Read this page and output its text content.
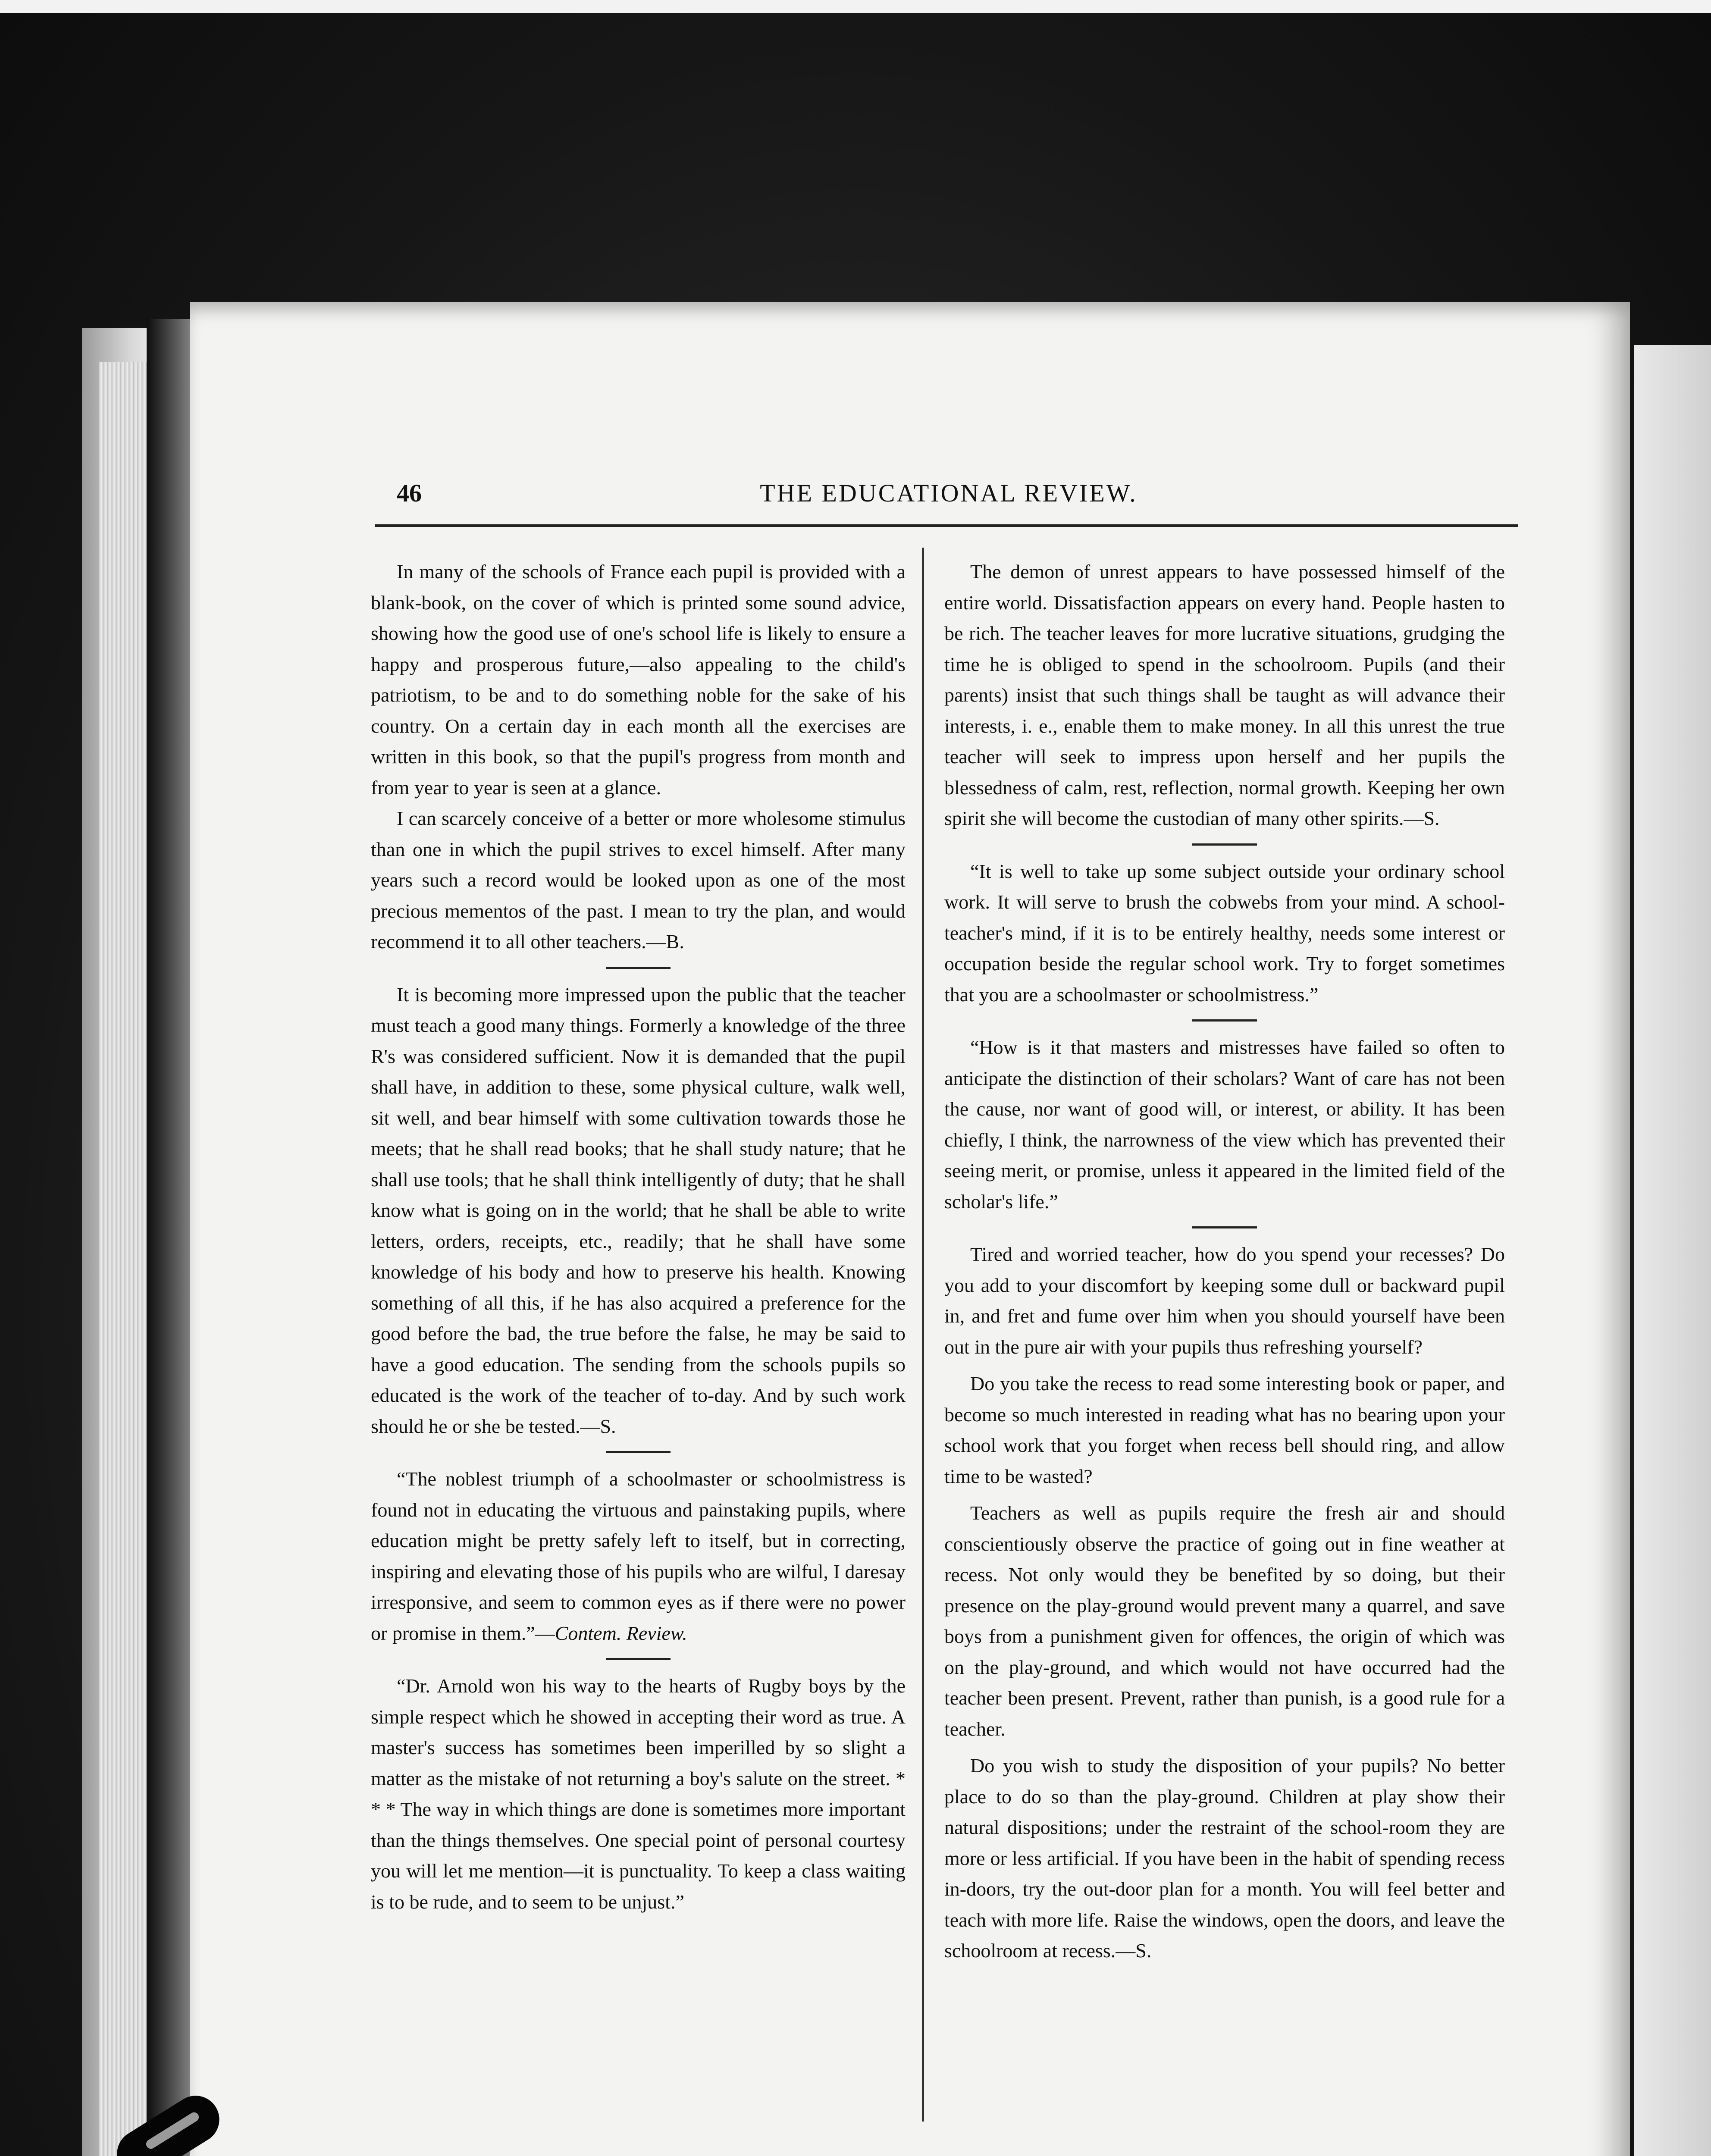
46	THE EDUCATIONAL REVIEW.

In many of the schools of France each pupil is provided with a blank-book, on the cover of which is printed some sound advice, showing how the good use of one's school life is likely to ensure a happy and prosperous future,—also appealing to the child's patriotism, to be and to do something noble for the sake of his country. On a certain day in each month all the exercises are written in this book, so that the pupil's progress from month and from year to year is seen at a glance.

I can scarcely conceive of a better or more wholesome stimulus than one in which the pupil strives to excel himself. After many years such a record would be looked upon as one of the most precious mementos of the past. I mean to try the plan, and would recommend it to all other teachers.—B.

It is becoming more impressed upon the public that the teacher must teach a good many things. Formerly a knowledge of the three R's was considered sufficient. Now it is demanded that the pupil shall have, in addition to these, some physical culture, walk well, sit well, and bear himself with some cultivation towards those he meets; that he shall read books; that he shall study nature; that he shall use tools; that he shall think intelligently of duty; that he shall know what is going on in the world; that he shall be able to write letters, orders, receipts, etc., readily; that he shall have some knowledge of his body and how to preserve his health. Knowing something of all this, if he has also acquired a preference for the good before the bad, the true before the false, he may be said to have a good education. The sending from the schools pupils so educated is the work of the teacher of to-day. And by such work should he or she be tested.—S.

“The noblest triumph of a schoolmaster or schoolmistress is found not in educating the virtuous and painstaking pupils, where education might be pretty safely left to itself, but in correcting, inspiring and elevating those of his pupils who are wilful, I daresay irresponsive, and seem to common eyes as if there were no power or promise in them.”—Contem. Review.

“Dr. Arnold won his way to the hearts of Rugby boys by the simple respect which he showed in accepting their word as true. A master's success has sometimes been imperilled by so slight a matter as the mistake of not returning a boy's salute on the street. * * * The way in which things are done is sometimes more important than the things themselves. One special point of personal courtesy you will let me mention—it is punctuality. To keep a class waiting is to be rude, and to seem to be unjust.”

The demon of unrest appears to have possessed himself of the entire world. Dissatisfaction appears on every hand. People hasten to be rich. The teacher leaves for more lucrative situations, grudging the time he is obliged to spend in the schoolroom. Pupils (and their parents) insist that such things shall be taught as will advance their interests, i. e., enable them to make money. In all this unrest the true teacher will seek to impress upon herself and her pupils the blessedness of calm, rest, reflection, normal growth. Keeping her own spirit she will become the custodian of many other spirits.—S.

“It is well to take up some subject outside your ordinary school work. It will serve to brush the cobwebs from your mind. A school-teacher's mind, if it is to be entirely healthy, needs some interest or occupation beside the regular school work. Try to forget sometimes that you are a schoolmaster or schoolmistress.”

“How is it that masters and mistresses have failed so often to anticipate the distinction of their scholars? Want of care has not been the cause, nor want of good will, or interest, or ability. It has been chiefly, I think, the narrowness of the view which has prevented their seeing merit, or promise, unless it appeared in the limited field of the scholar's life.”

Tired and worried teacher, how do you spend your recesses? Do you add to your discomfort by keeping some dull or backward pupil in, and fret and fume over him when you should yourself have been out in the pure air with your pupils thus refreshing yourself?

Do you take the recess to read some interesting book or paper, and become so much interested in reading what has no bearing upon your school work that you forget when recess bell should ring, and allow time to be wasted?

Teachers as well as pupils require the fresh air and should conscientiously observe the practice of going out in fine weather at recess. Not only would they be benefited by so doing, but their presence on the play-ground would prevent many a quarrel, and save boys from a punishment given for offences, the origin of which was on the play-ground, and which would not have occurred had the teacher been present. Prevent, rather than punish, is a good rule for a teacher.

Do you wish to study the disposition of your pupils? No better place to do so than the play-ground. Children at play show their natural dispositions; under the restraint of the school-room they are more or less artificial. If you have been in the habit of spending recess in-doors, try the out-door plan for a month. You will feel better and teach with more life. Raise the windows, open the doors, and leave the schoolroom at recess.—S.
